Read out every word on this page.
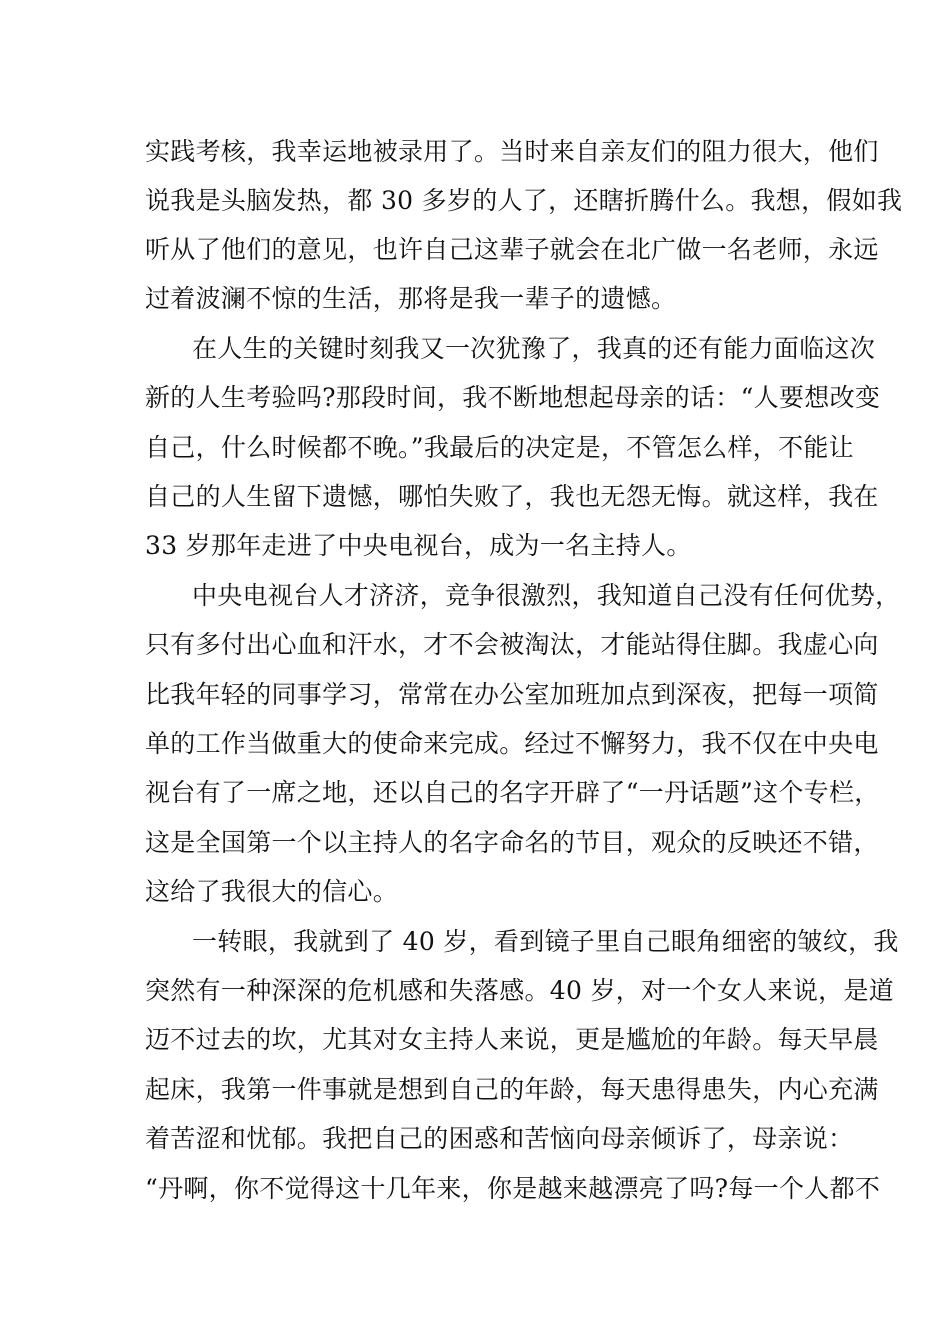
实践考核，我幸运地被录用了。当时来自亲友们的阻力很大，他们
说我是头脑发热，都 30 多岁的人了，还瞎折腾什么。我想，假如我
听从了他们的意见，也许自己这辈子就会在北广做一名老师，永远
过着波澜不惊的生活，那将是我一辈子的遗憾。
在人生的关键时刻我又一次犹豫了，我真的还有能力面临这次
新的人生考验吗?那段时间，我不断地想起母亲的话：“人要想改变
自己，什么时候都不晚。”我最后的决定是，不管怎么样，不能让
自己的人生留下遗憾，哪怕失败了，我也无怨无悔。就这样，我在
33 岁那年走进了中央电视台，成为一名主持人。
中央电视台人才济济，竞争很激烈，我知道自己没有任何优势，
只有多付出心血和汗水，才不会被淘汰，才能站得住脚。我虚心向
比我年轻的同事学习，常常在办公室加班加点到深夜，把每一项简
单的工作当做重大的使命来完成。经过不懈努力，我不仅在中央电
视台有了一席之地，还以自己的名字开辟了“一丹话题”这个专栏，
这是全国第一个以主持人的名字命名的节目，观众的反映还不错，
这给了我很大的信心。
一转眼，我就到了 40 岁，看到镜子里自己眼角细密的皱纹，我
突然有一种深深的危机感和失落感。40 岁，对一个女人来说，是道
迈不过去的坎，尤其对女主持人来说，更是尴尬的年龄。每天早晨
起床，我第一件事就是想到自己的年龄，每天患得患失，内心充满
着苦涩和忧郁。我把自己的困惑和苦恼向母亲倾诉了，母亲说：
“丹啊，你不觉得这十几年来，你是越来越漂亮了吗?每一个人都不
